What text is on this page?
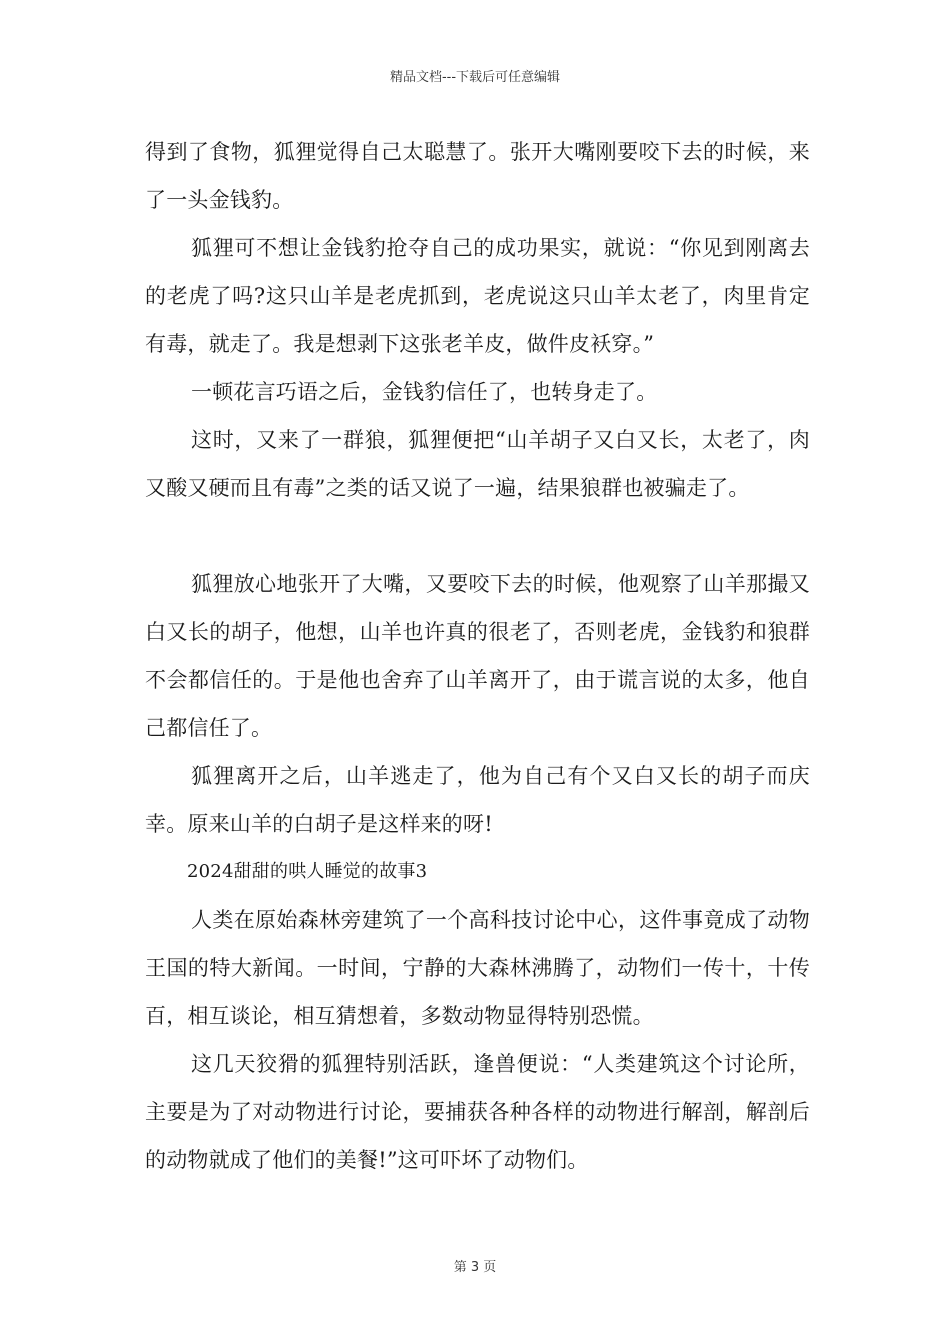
精品文档---下载后可任意编辑

得到了食物，狐狸觉得自己太聪慧了。张开大嘴刚要咬下去的时候，来了一头金钱豹。

狐狸可不想让金钱豹抢夺自己的成功果实，就说：“你见到刚离去的老虎了吗?这只山羊是老虎抓到，老虎说这只山羊太老了，肉里肯定有毒，就走了。我是想剥下这张老羊皮，做件皮袄穿。”

一顿花言巧语之后，金钱豹信任了，也转身走了。

这时，又来了一群狼，狐狸便把“山羊胡子又白又长，太老了，肉又酸又硬而且有毒”之类的话又说了一遍，结果狼群也被骗走了。

狐狸放心地张开了大嘴，又要咬下去的时候，他观察了山羊那撮又白又长的胡子，他想，山羊也许真的很老了，否则老虎，金钱豹和狼群不会都信任的。于是他也舍弃了山羊离开了，由于谎言说的太多，他自己都信任了。

狐狸离开之后，山羊逃走了，他为自己有个又白又长的胡子而庆幸。原来山羊的白胡子是这样来的呀!

2024甜甜的哄人睡觉的故事3

人类在原始森林旁建筑了一个高科技讨论中心，这件事竟成了动物王国的特大新闻。一时间，宁静的大森林沸腾了，动物们一传十，十传百，相互谈论，相互猜想着，多数动物显得特别恐慌。

这几天狡猾的狐狸特别活跃，逢兽便说：“人类建筑这个讨论所，主要是为了对动物进行讨论，要捕获各种各样的动物进行解剖，解剖后的动物就成了他们的美餐!”这可吓坏了动物们。

第 3 页
